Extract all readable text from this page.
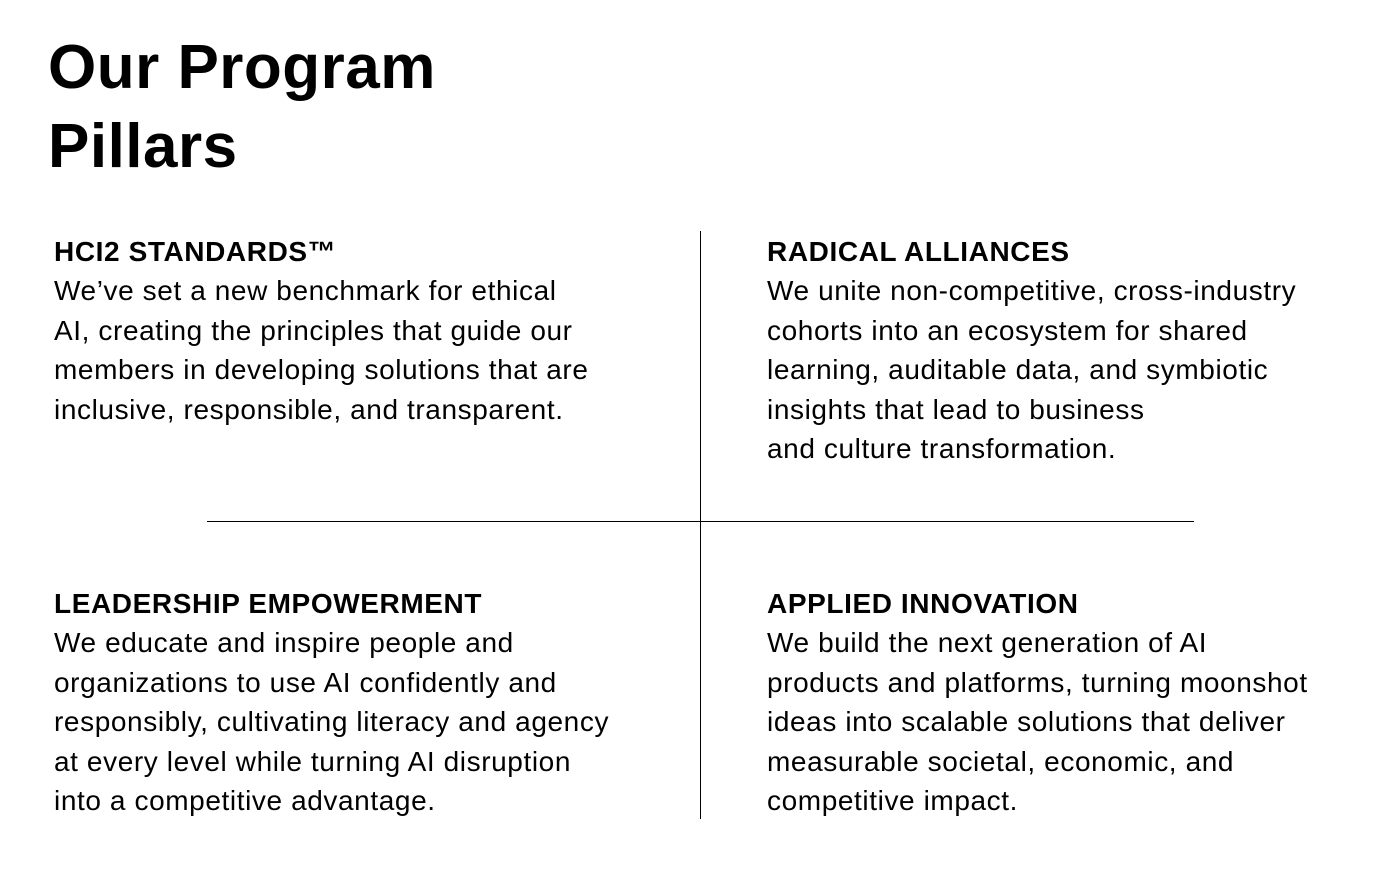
Our Program
Pillars
HCI2 STANDARDS™

We’ve set a new benchmark for ethical
AI, creating the principles that guide our
members in developing solutions that are
inclusive, responsible, and transparent.

RADICAL ALLIANCES

We unite non-competitive, cross-industry
cohorts into an ecosystem for shared
learning, auditable data, and symbiotic
insights that lead to business
and culture transformation.

LEADERSHIP EMPOWERMENT

We educate and inspire people and
organizations to use AI confidently and
responsibly, cultivating literacy and agency
at every level while turning AI disruption
into a competitive advantage.

APPLIED INNOVATION

We build the next generation of AI
products and platforms, turning moonshot
ideas into scalable solutions that deliver
measurable societal, economic, and
competitive impact.
